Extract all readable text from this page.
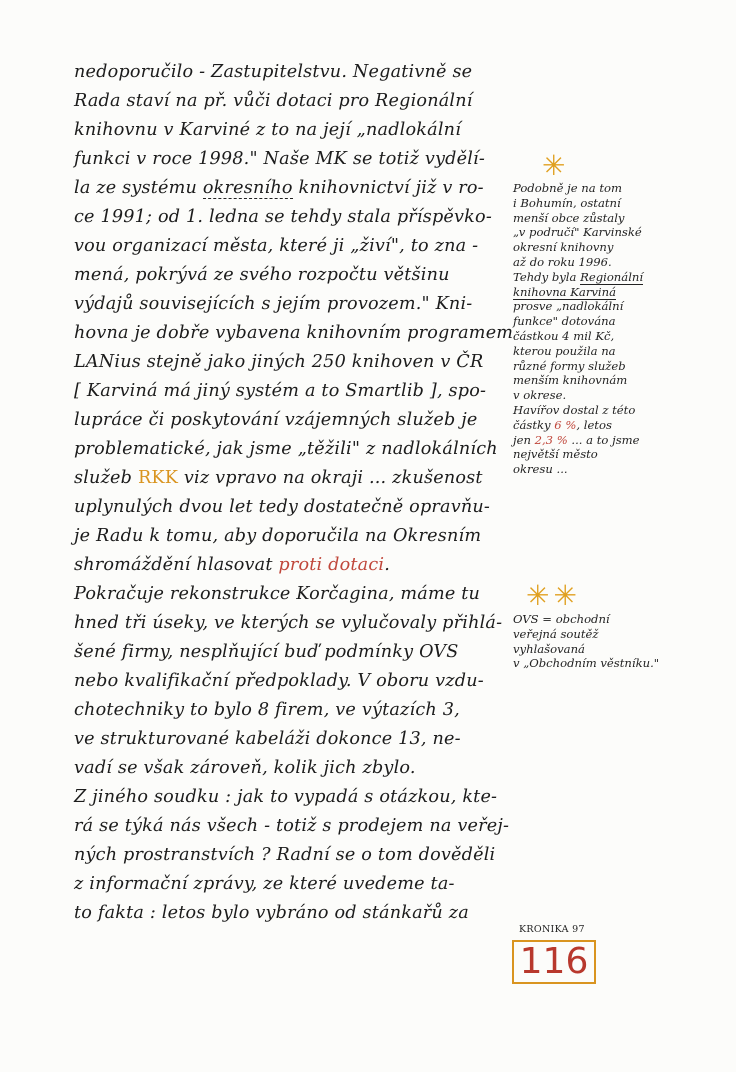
nedoporučilo - Zastupitelstvu. Negativně se
Rada staví na př. vůči dotaci pro Regionální
knihovnu v Karviné z to na její „nadlokální
funkci v roce 1998." Naše MK se totiž vydělí-
la ze systému okresního knihovnictví již v ro-
ce 1991; od 1. ledna se tehdy stala příspěvko-
vou organizací města, které ji „živí", to zna -
mená, pokrývá ze svého rozpočtu většinu
výdajů souvisejících s jejím provozem." Kni-
hovna je dobře vybavena knihovním programem
LANius stejně jako jiných 250 knihoven v ČR
[ Karviná má jiný systém a to Smartlib ], spo-
lupráce či poskytování vzájemných služeb je
problematické, jak jsme „těžili" z nadlokálních
služeb RKK viz vpravo na okraji ... zkušenost
uplynulých dvou let tedy dostatečně opravňu-
je Radu k tomu, aby doporučila na Okresním
shromáždění hlasovat proti dotaci.
Pokračuje rekonstrukce Korčagina, máme tu
hned tři úseky, ve kterých se vylučovaly přihlá-
šené firmy, nesplňující buď podmínky OVS
nebo kvalifikační předpoklady. V oboru vzdu-
chotechniky to bylo 8 firem, ve výtazích 3,
ve strukturované kabeláži dokonce 13, ne-
vadí se však zároveň, kolik jich zbylo.
Z jiného soudku : jak to vypadá s otázkou, kte-
rá se týká nás všech - totiž s prodejem na veřej-
ných prostranstvích ? Radní se o tom dověděli
z informační zprávy, ze které uvedeme ta-
to fakta : letos bylo vybráno od stánkařů za
✳
Podobně je na tom
i Bohumín, ostatní
menší obce zůstaly
„v područí" Karvinské
okresní knihovny
až do roku 1996.
Tehdy byla Regionální
knihovna Karviná
prosve „nadlokální
funkce" dotována
částkou 4 mil Kč,
kterou použila na
různé formy služeb
menším knihovnám
v okrese.
Havířov dostal z této
částky 6 %, letos
jen 2,3 % ... a to jsme
největší město
okresu ...
✳✳
OVS = obchodní
veřejná soutěž
vyhlašovaná
v „Obchodním věstníku."
KRONIKA 97
116
